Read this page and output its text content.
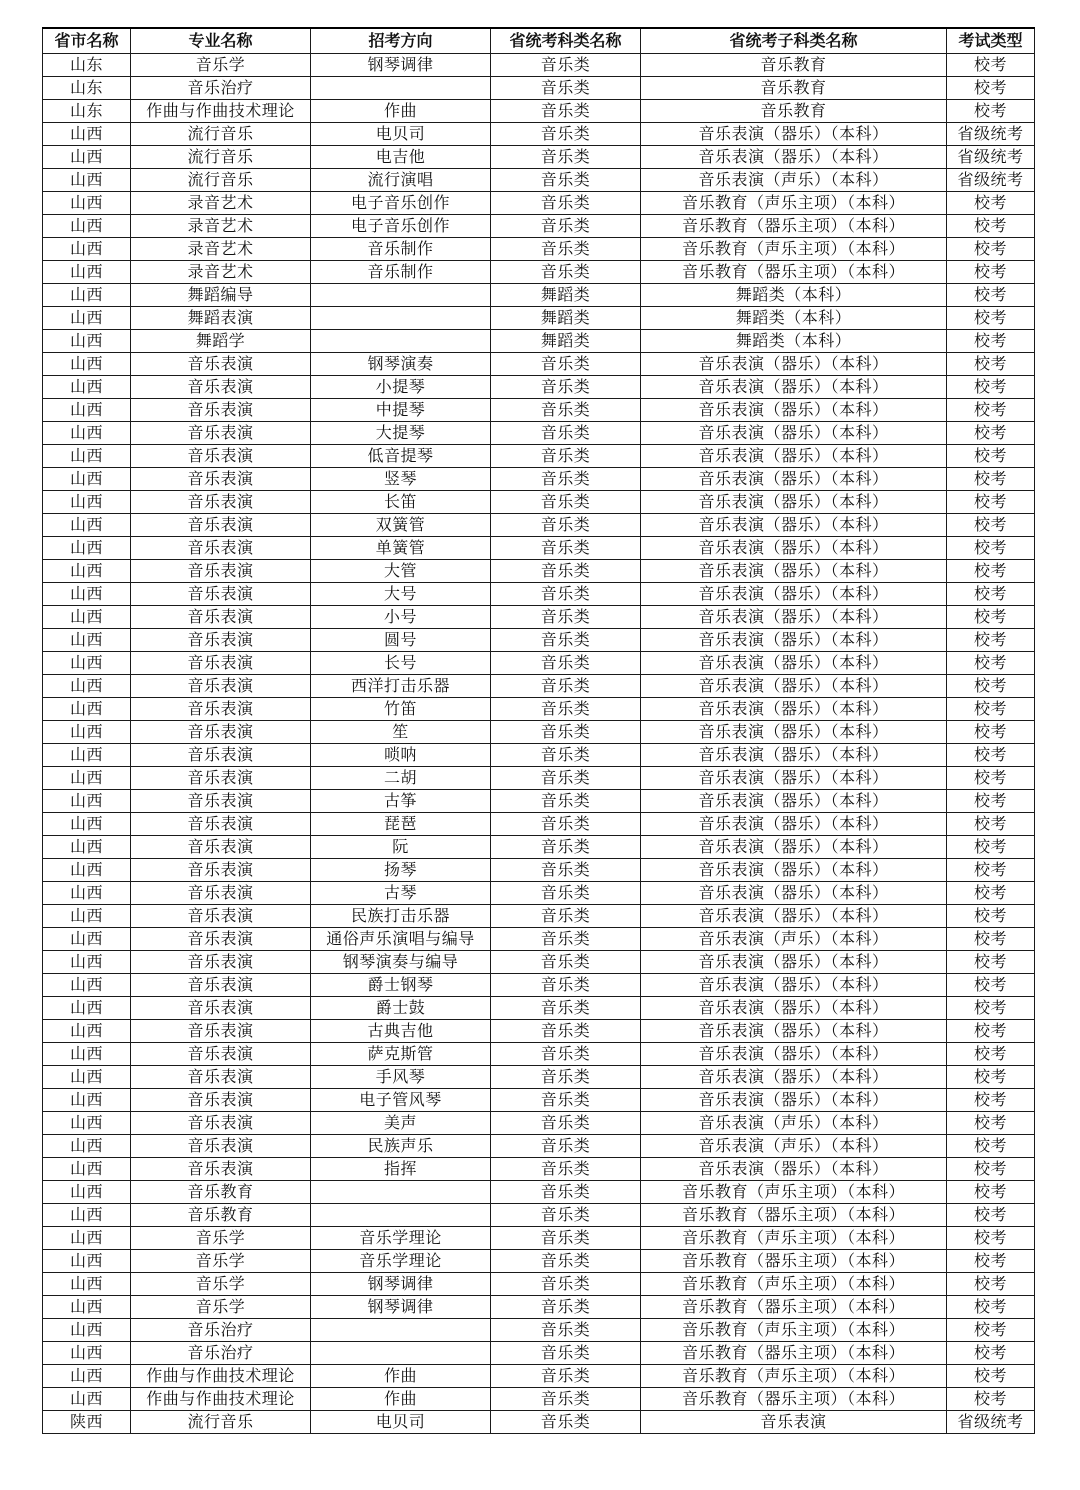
省市名称	专业名称	招考方向	省统考科类名称	省统考子科类名称	考试类型
山东	音乐学	钢琴调律	音乐类	音乐教育	校考
山东	音乐治疗		音乐类	音乐教育	校考
山东	作曲与作曲技术理论	作曲	音乐类	音乐教育	校考
山西	流行音乐	电贝司	音乐类	音乐表演（器乐）（本科）	省级统考
山西	流行音乐	电吉他	音乐类	音乐表演（器乐）（本科）	省级统考
山西	流行音乐	流行演唱	音乐类	音乐表演（声乐）（本科）	省级统考
山西	录音艺术	电子音乐创作	音乐类	音乐教育（声乐主项）（本科）	校考
山西	录音艺术	电子音乐创作	音乐类	音乐教育（器乐主项）（本科）	校考
山西	录音艺术	音乐制作	音乐类	音乐教育（声乐主项）（本科）	校考
山西	录音艺术	音乐制作	音乐类	音乐教育（器乐主项）（本科）	校考
山西	舞蹈编导		舞蹈类	舞蹈类（本科）	校考
山西	舞蹈表演		舞蹈类	舞蹈类（本科）	校考
山西	舞蹈学		舞蹈类	舞蹈类（本科）	校考
山西	音乐表演	钢琴演奏	音乐类	音乐表演（器乐）（本科）	校考
山西	音乐表演	小提琴	音乐类	音乐表演（器乐）（本科）	校考
山西	音乐表演	中提琴	音乐类	音乐表演（器乐）（本科）	校考
山西	音乐表演	大提琴	音乐类	音乐表演（器乐）（本科）	校考
山西	音乐表演	低音提琴	音乐类	音乐表演（器乐）（本科）	校考
山西	音乐表演	竖琴	音乐类	音乐表演（器乐）（本科）	校考
山西	音乐表演	长笛	音乐类	音乐表演（器乐）（本科）	校考
山西	音乐表演	双簧管	音乐类	音乐表演（器乐）（本科）	校考
山西	音乐表演	单簧管	音乐类	音乐表演（器乐）（本科）	校考
山西	音乐表演	大管	音乐类	音乐表演（器乐）（本科）	校考
山西	音乐表演	大号	音乐类	音乐表演（器乐）（本科）	校考
山西	音乐表演	小号	音乐类	音乐表演（器乐）（本科）	校考
山西	音乐表演	圆号	音乐类	音乐表演（器乐）（本科）	校考
山西	音乐表演	长号	音乐类	音乐表演（器乐）（本科）	校考
山西	音乐表演	西洋打击乐器	音乐类	音乐表演（器乐）（本科）	校考
山西	音乐表演	竹笛	音乐类	音乐表演（器乐）（本科）	校考
山西	音乐表演	笙	音乐类	音乐表演（器乐）（本科）	校考
山西	音乐表演	唢呐	音乐类	音乐表演（器乐）（本科）	校考
山西	音乐表演	二胡	音乐类	音乐表演（器乐）（本科）	校考
山西	音乐表演	古筝	音乐类	音乐表演（器乐）（本科）	校考
山西	音乐表演	琵琶	音乐类	音乐表演（器乐）（本科）	校考
山西	音乐表演	阮	音乐类	音乐表演（器乐）（本科）	校考
山西	音乐表演	扬琴	音乐类	音乐表演（器乐）（本科）	校考
山西	音乐表演	古琴	音乐类	音乐表演（器乐）（本科）	校考
山西	音乐表演	民族打击乐器	音乐类	音乐表演（器乐）（本科）	校考
山西	音乐表演	通俗声乐演唱与编导	音乐类	音乐表演（声乐）（本科）	校考
山西	音乐表演	钢琴演奏与编导	音乐类	音乐表演（器乐）（本科）	校考
山西	音乐表演	爵士钢琴	音乐类	音乐表演（器乐）（本科）	校考
山西	音乐表演	爵士鼓	音乐类	音乐表演（器乐）（本科）	校考
山西	音乐表演	古典吉他	音乐类	音乐表演（器乐）（本科）	校考
山西	音乐表演	萨克斯管	音乐类	音乐表演（器乐）（本科）	校考
山西	音乐表演	手风琴	音乐类	音乐表演（器乐）（本科）	校考
山西	音乐表演	电子管风琴	音乐类	音乐表演（器乐）（本科）	校考
山西	音乐表演	美声	音乐类	音乐表演（声乐）（本科）	校考
山西	音乐表演	民族声乐	音乐类	音乐表演（声乐）（本科）	校考
山西	音乐表演	指挥	音乐类	音乐表演（器乐）（本科）	校考
山西	音乐教育		音乐类	音乐教育（声乐主项）（本科）	校考
山西	音乐教育		音乐类	音乐教育（器乐主项）（本科）	校考
山西	音乐学	音乐学理论	音乐类	音乐教育（声乐主项）（本科）	校考
山西	音乐学	音乐学理论	音乐类	音乐教育（器乐主项）（本科）	校考
山西	音乐学	钢琴调律	音乐类	音乐教育（声乐主项）（本科）	校考
山西	音乐学	钢琴调律	音乐类	音乐教育（器乐主项）（本科）	校考
山西	音乐治疗		音乐类	音乐教育（声乐主项）（本科）	校考
山西	音乐治疗		音乐类	音乐教育（器乐主项）（本科）	校考
山西	作曲与作曲技术理论	作曲	音乐类	音乐教育（声乐主项）（本科）	校考
山西	作曲与作曲技术理论	作曲	音乐类	音乐教育（器乐主项）（本科）	校考
陕西	流行音乐	电贝司	音乐类	音乐表演	省级统考
